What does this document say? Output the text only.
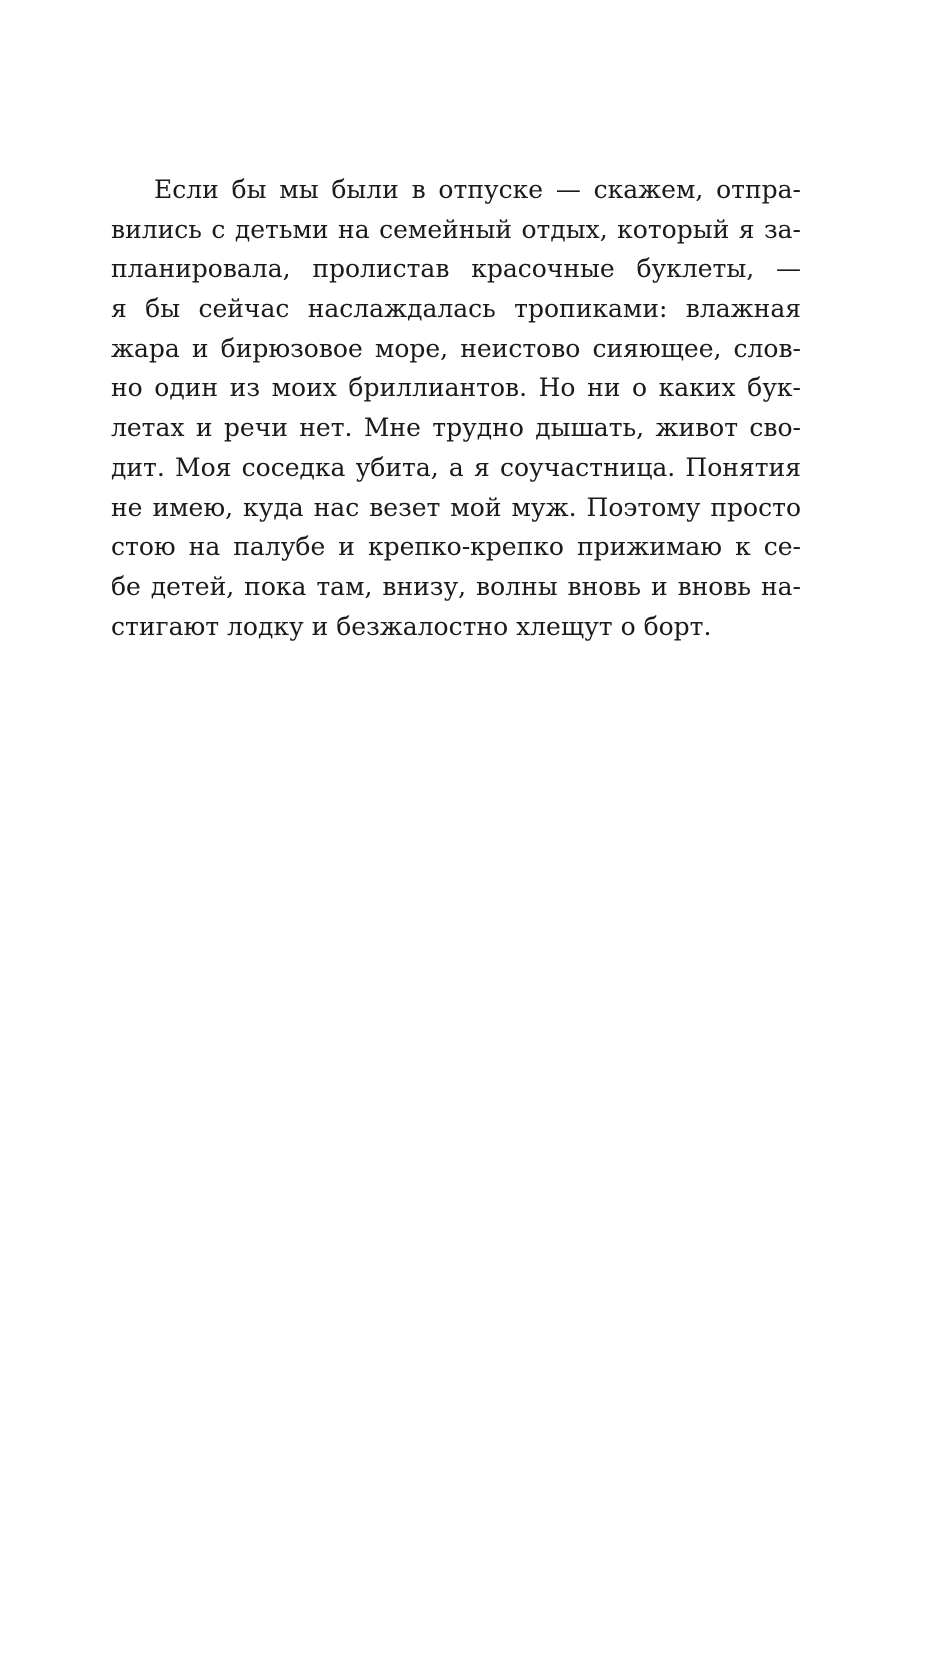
Если бы мы были в отпуске — скажем, отпра-
вились с детьми на семейный отдых, который я за-
планировала, пролистав красочные буклеты, —
я бы сейчас наслаждалась тропиками: влажная
жара и бирюзовое море, неистово сияющее, слов-
но один из моих бриллиантов. Но ни о каких бук-
летах и речи нет. Мне трудно дышать, живот сво-
дит. Моя соседка убита, а я соучастница. Понятия
не имею, куда нас везет мой муж. Поэтому просто
стою на палубе и крепко-крепко прижимаю к се-
бе детей, пока там, внизу, волны вновь и вновь на-
стигают лодку и безжалостно хлещут о борт.
